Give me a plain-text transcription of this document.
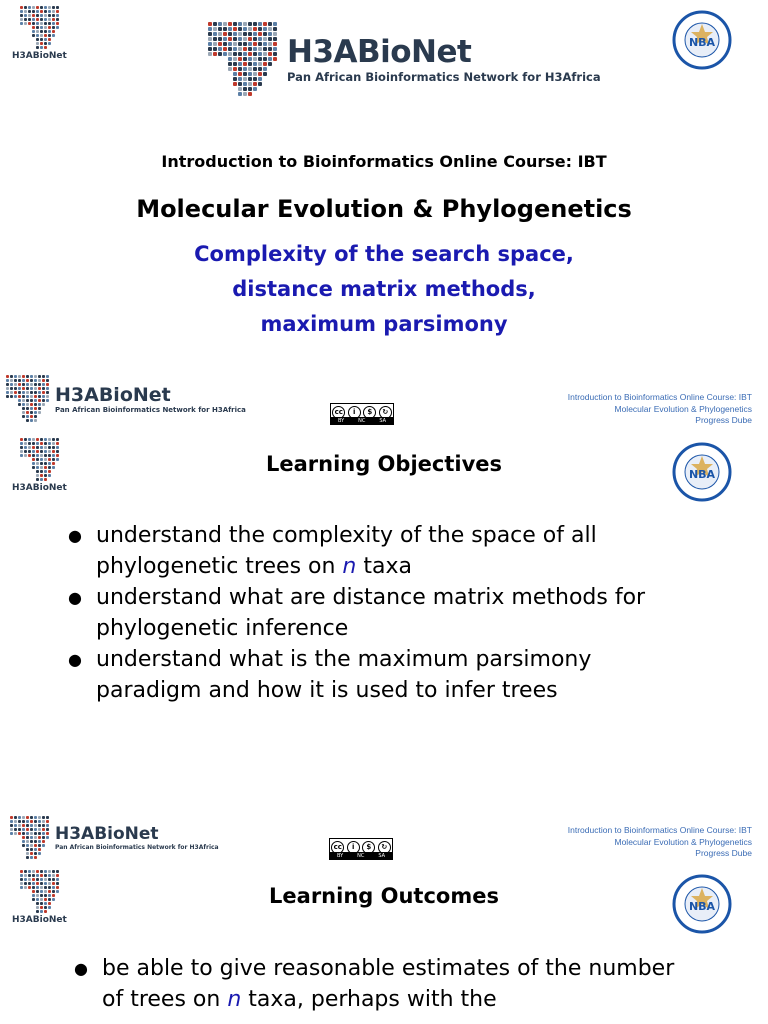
H3ABioNet	H3ABioNet
Pan African Bioinformatics Network for H3Africa
NBA
Introduction to Bioinformatics Online Course: IBT
Molecular Evolution & Phylogenetics
Complexity of the search space,
distance matrix methods,
maximum parsimony
H3ABioNet
Pan African Bioinformatics Network for H3Africa	cc	i	$	↻
BY	NC	SA
Introduction to Bioinformatics Online Course: IBT
Molecular Evolution & Phylogenetics
Progress Dube
H3ABioNet
Learning Objectives	NBA
● understand the complexity of the space of all phylogenetic trees on n taxa
● understand what are distance matrix methods for phylogenetic inference
● understand what is the maximum parsimony paradigm and how it is used to infer trees
H3ABioNet
Pan African Bioinformatics Network for H3Africa	cc	i	$	↻
BY	NC	SA
Introduction to Bioinformatics Online Course: IBT
Molecular Evolution & Phylogenetics
Progress Dube
H3ABioNet
Learning Outcomes	NBA
● be able to give reasonable estimates of the number of trees on n taxa, perhaps with the
